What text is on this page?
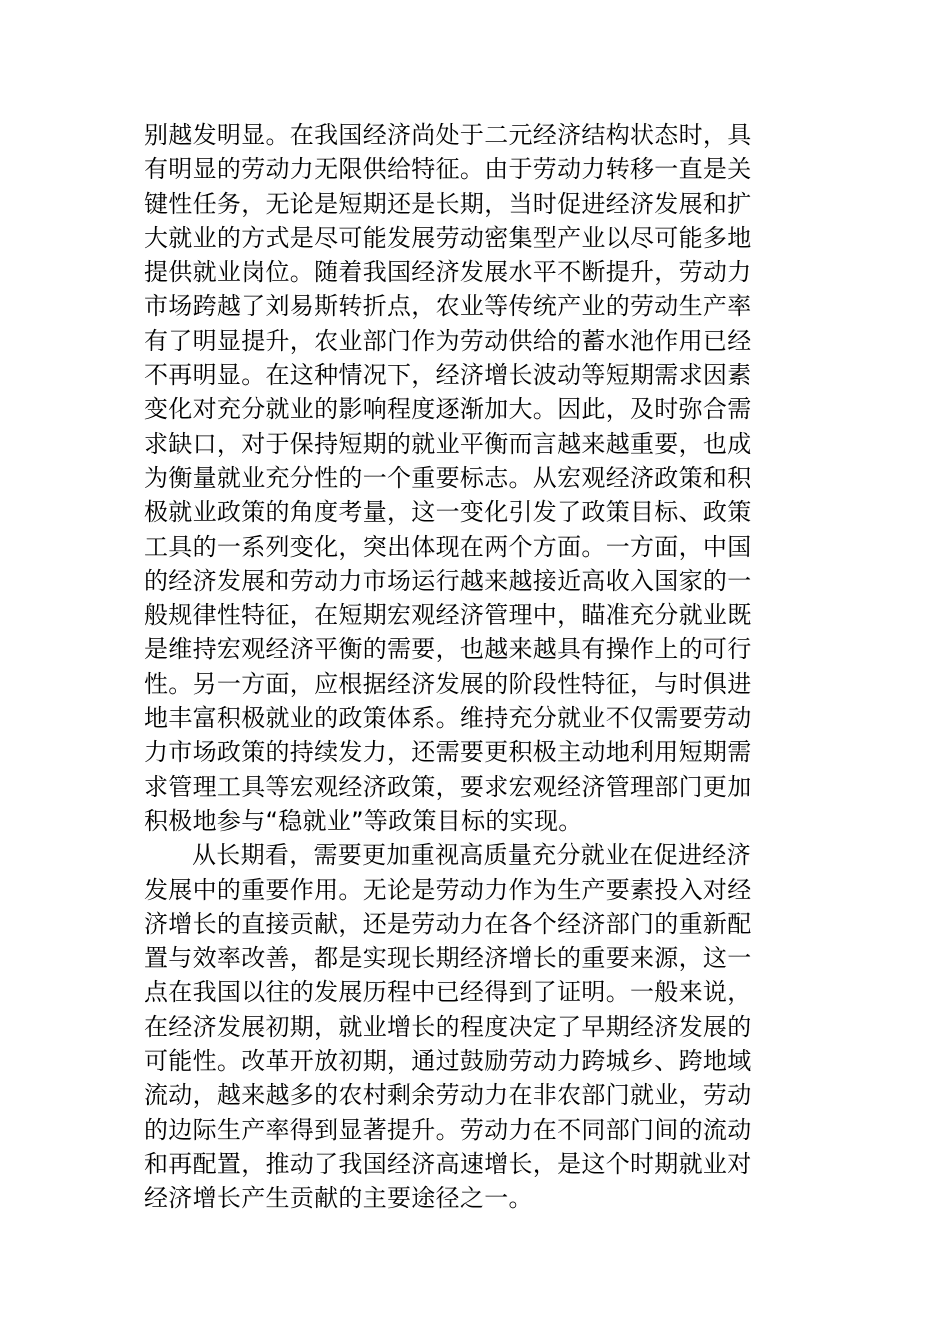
别越发明显。在我国经济尚处于二元经济结构状态时，具
有明显的劳动力无限供给特征。由于劳动力转移一直是关
键性任务，无论是短期还是长期，当时促进经济发展和扩
大就业的方式是尽可能发展劳动密集型产业以尽可能多地
提供就业岗位。随着我国经济发展水平不断提升，劳动力
市场跨越了刘易斯转折点，农业等传统产业的劳动生产率
有了明显提升，农业部门作为劳动供给的蓄水池作用已经
不再明显。在这种情况下，经济增长波动等短期需求因素
变化对充分就业的影响程度逐渐加大。因此，及时弥合需
求缺口，对于保持短期的就业平衡而言越来越重要，也成
为衡量就业充分性的一个重要标志。从宏观经济政策和积
极就业政策的角度考量，这一变化引发了政策目标、政策
工具的一系列变化，突出体现在两个方面。一方面，中国
的经济发展和劳动力市场运行越来越接近高收入国家的一
般规律性特征，在短期宏观经济管理中，瞄准充分就业既
是维持宏观经济平衡的需要，也越来越具有操作上的可行
性。另一方面，应根据经济发展的阶段性特征，与时俱进
地丰富积极就业的政策体系。维持充分就业不仅需要劳动
力市场政策的持续发力，还需要更积极主动地利用短期需
求管理工具等宏观经济政策，要求宏观经济管理部门更加
积极地参与“稳就业”等政策目标的实现。
从长期看，需要更加重视高质量充分就业在促进经济
发展中的重要作用。无论是劳动力作为生产要素投入对经
济增长的直接贡献，还是劳动力在各个经济部门的重新配
置与效率改善，都是实现长期经济增长的重要来源，这一
点在我国以往的发展历程中已经得到了证明。一般来说，
在经济发展初期，就业增长的程度决定了早期经济发展的
可能性。改革开放初期，通过鼓励劳动力跨城乡、跨地域
流动，越来越多的农村剩余劳动力在非农部门就业，劳动
的边际生产率得到显著提升。劳动力在不同部门间的流动
和再配置，推动了我国经济高速增长，是这个时期就业对
经济增长产生贡献的主要途径之一。
